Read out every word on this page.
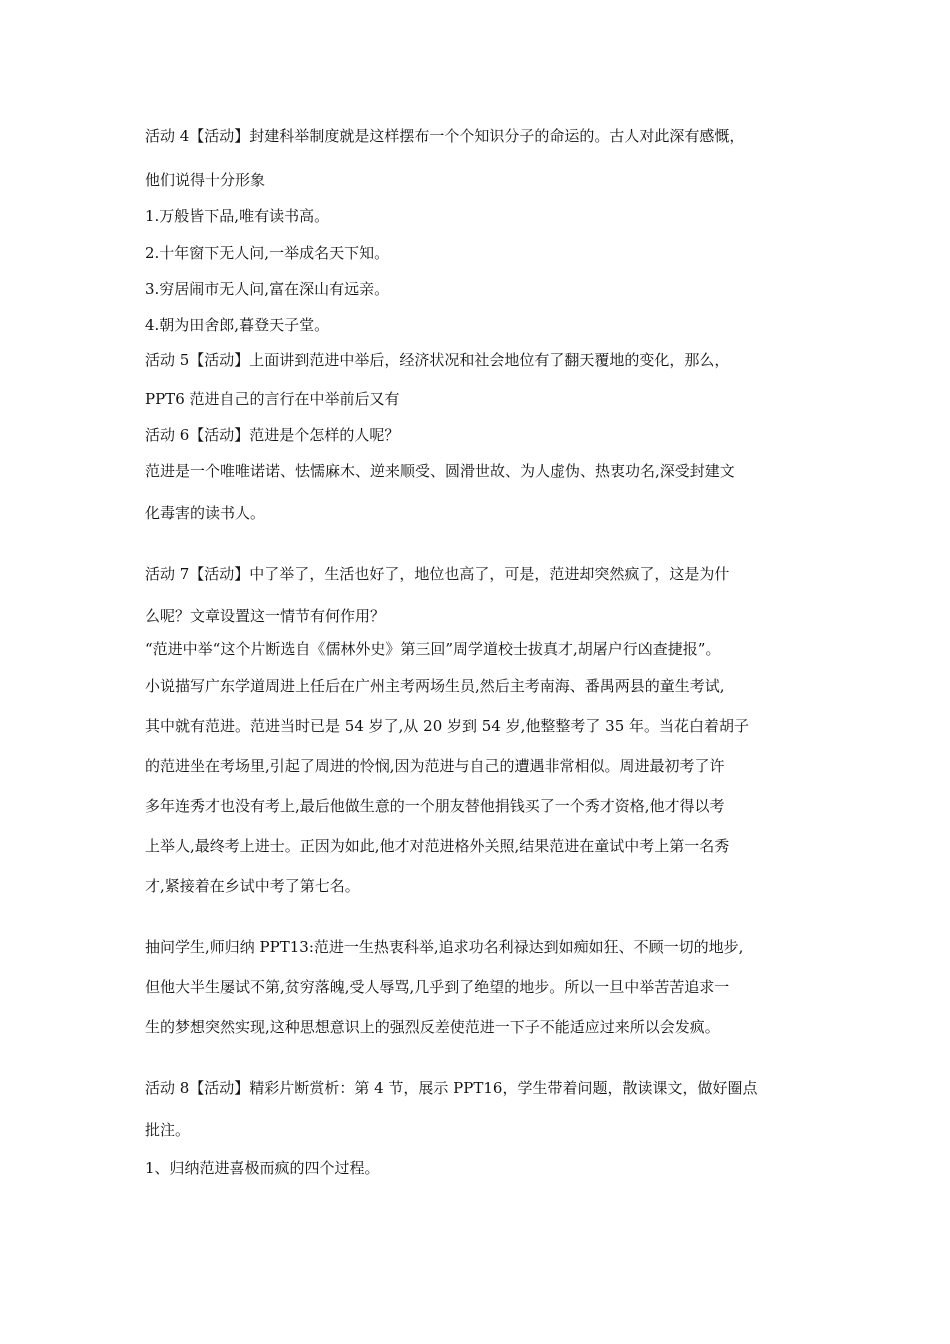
活动 4【活动】封建科举制度就是这样摆布一个个知识分子的命运的。古人对此深有感慨，
他们说得十分形象
1.万般皆下品,唯有读书高。
2.十年窗下无人问,一举成名天下知。
3.穷居闹市无人问,富在深山有远亲。
4.朝为田舍郎,暮登天子堂。
活动 5【活动】上面讲到范进中举后，经济状况和社会地位有了翻天覆地的变化，那么，
PPT6 范进自己的言行在中举前后又有
活动 6【活动】范进是个怎样的人呢？
范进是一个唯唯诺诺、怯懦麻木、逆来顺受、圆滑世故、为人虚伪、热衷功名,深受封建文
化毒害的读书人。
活动 7【活动】中了举了，生活也好了，地位也高了，可是，范进却突然疯了，这是为什
么呢？文章设置这一情节有何作用？
“范进中举“这个片断选自《儒林外史》第三回”周学道校士拔真才,胡屠户行凶查捷报”。
小说描写广东学道周进上任后在广州主考两场生员,然后主考南海、番禺两县的童生考试,
其中就有范进。范进当时已是 54 岁了,从 20 岁到 54 岁,他整整考了 35 年。当花白着胡子
的范进坐在考场里,引起了周进的怜悯,因为范进与自己的遭遇非常相似。周进最初考了许
多年连秀才也没有考上,最后他做生意的一个朋友替他捐钱买了一个秀才资格,他才得以考
上举人,最终考上进士。正因为如此,他才对范进格外关照,结果范进在童试中考上第一名秀
才,紧接着在乡试中考了第七名。
抽问学生,师归纳 PPT13:范进一生热衷科举,追求功名利禄达到如痴如狂、不顾一切的地步,
但他大半生屡试不第,贫穷落魄,受人辱骂,几乎到了绝望的地步。所以一旦中举苦苦追求一
生的梦想突然实现,这种思想意识上的强烈反差使范进一下子不能适应过来所以会发疯。
活动 8【活动】精彩片断赏析：第 4 节，展示 PPT16，学生带着问题，散读课文，做好圈点
批注。
1、归纳范进喜极而疯的四个过程。
